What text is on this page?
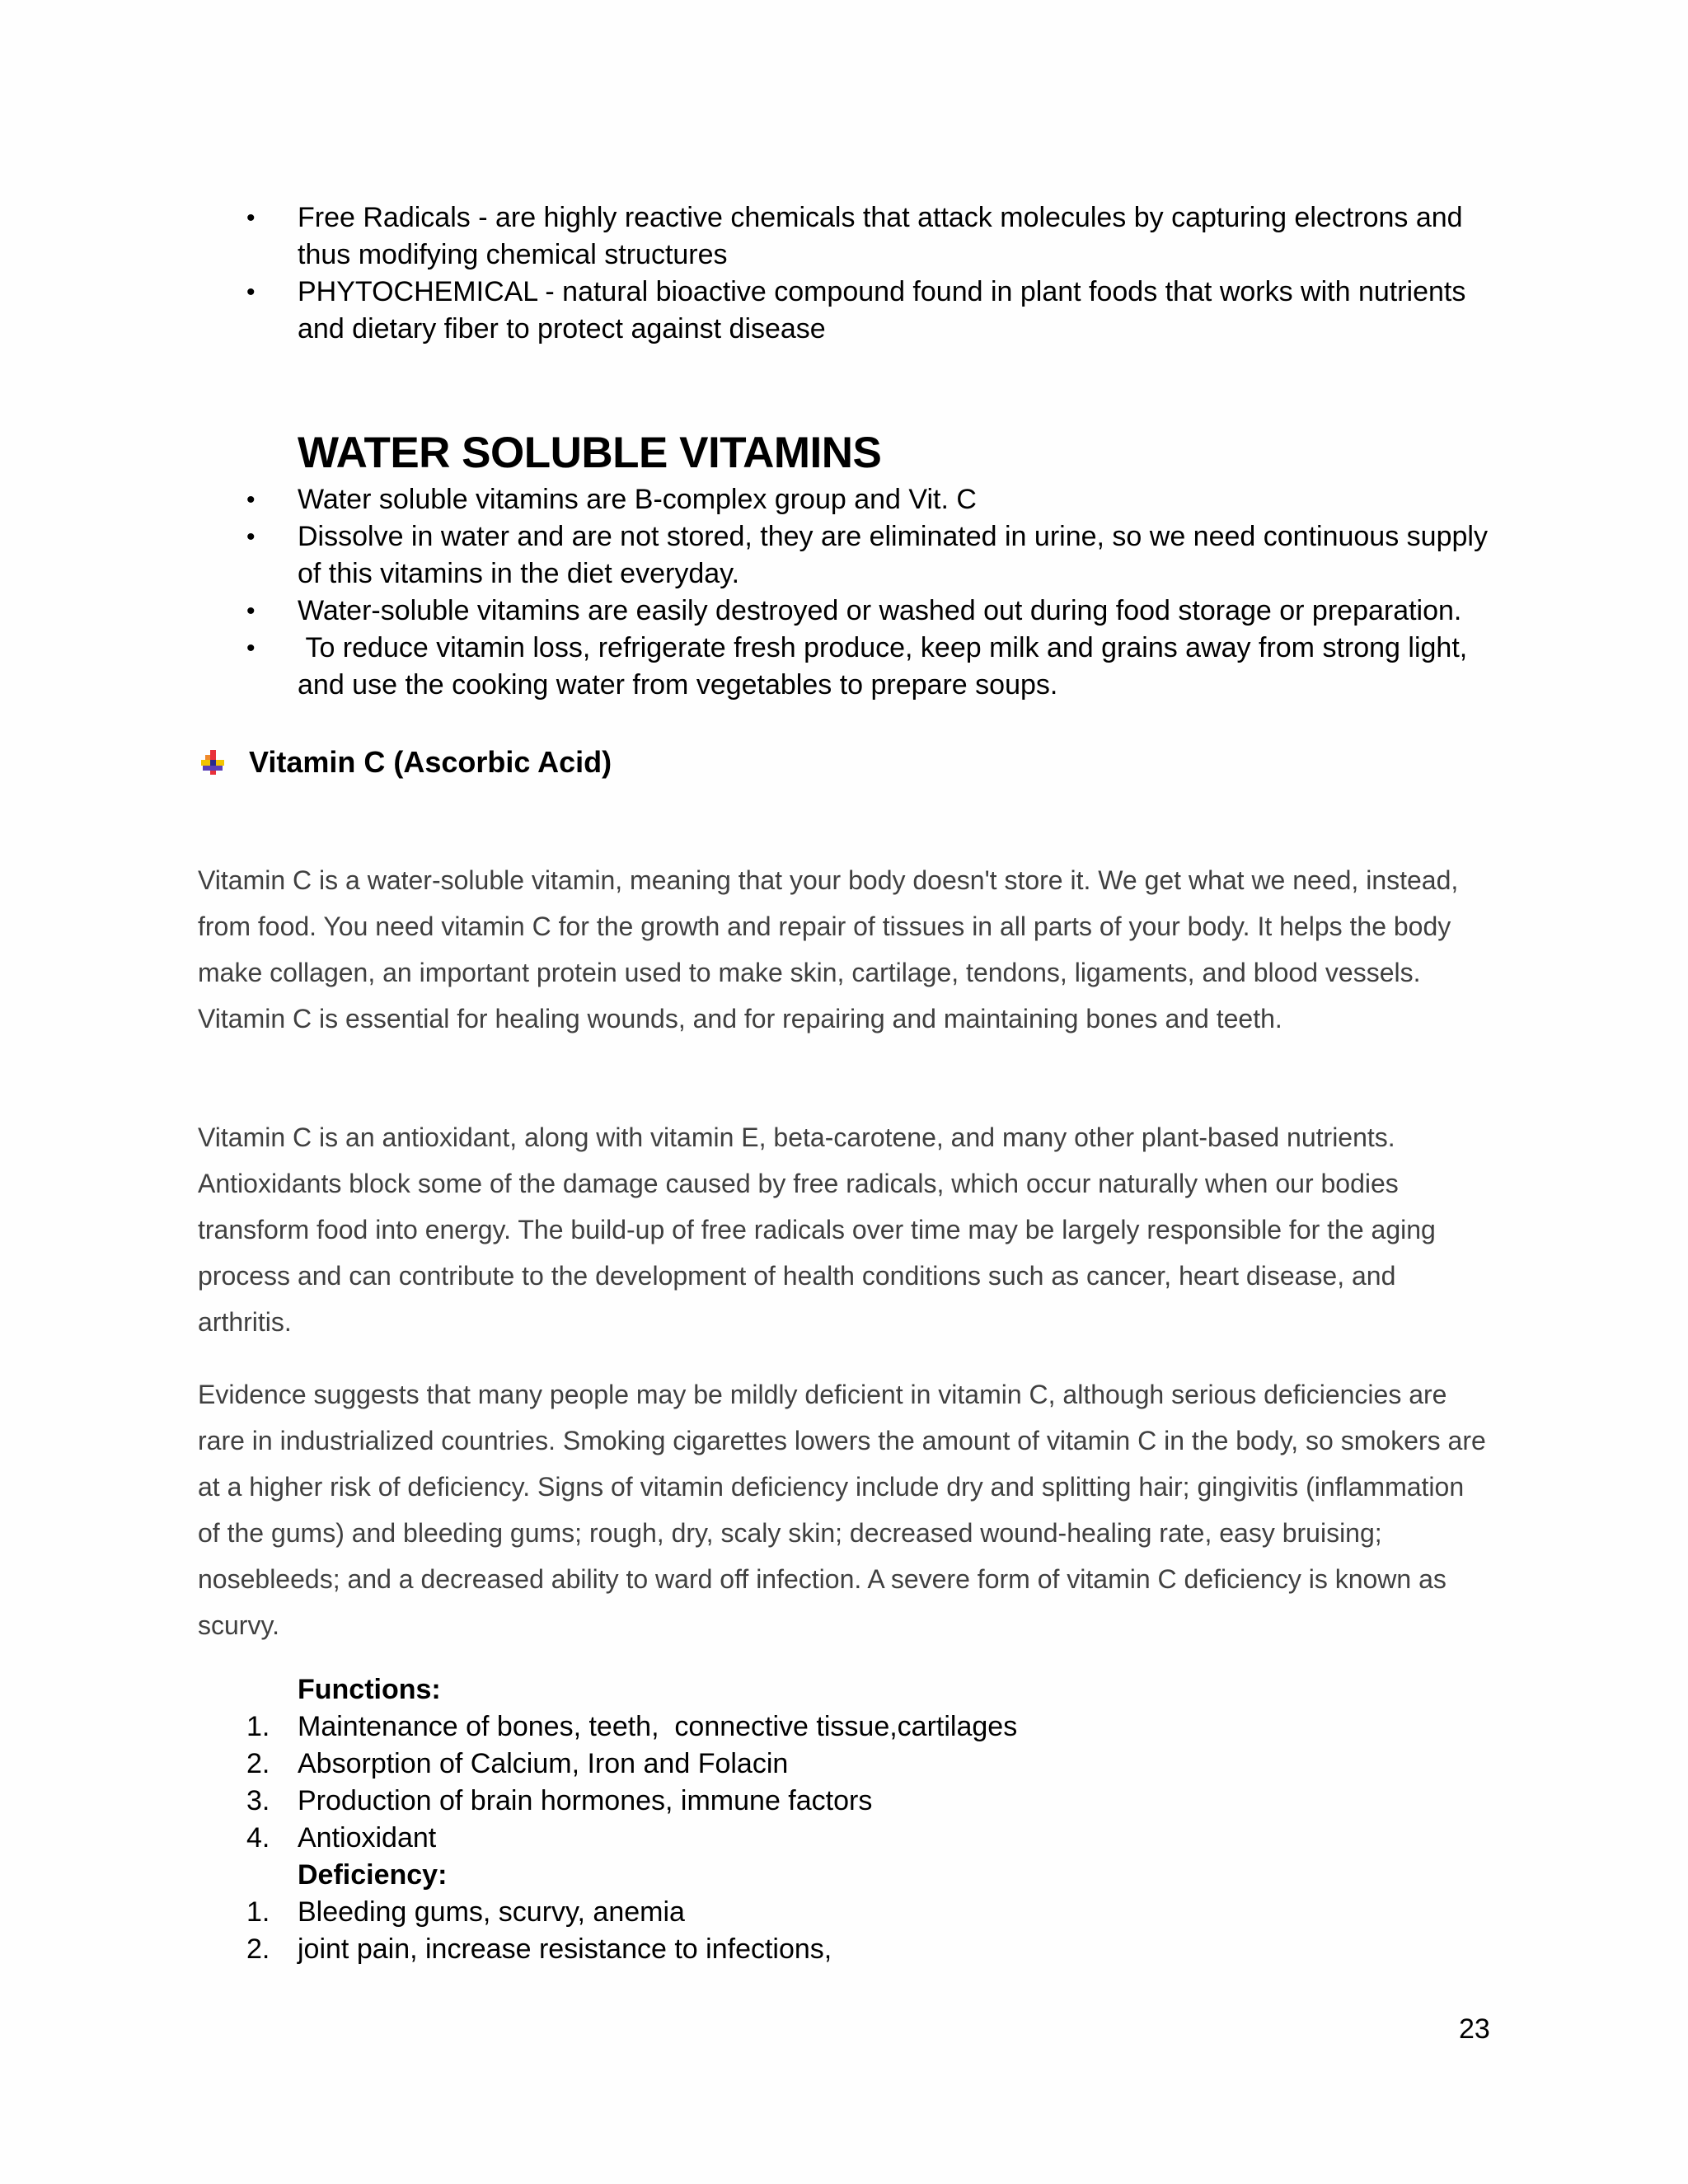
• Free Radicals - are highly reactive chemicals that attack molecules by capturing electrons and thus modifying chemical structures
• PHYTOCHEMICAL - natural bioactive compound found in plant foods that works with nutrients and dietary fiber to protect against disease
WATER SOLUBLE VITAMINS
• Water soluble vitamins are B-complex group and Vit. C
• Dissolve in water and are not stored, they are eliminated in urine, so we need continuous supply of this vitamins in the diet everyday.
• Water-soluble vitamins are easily destroyed or washed out during food storage or preparation.
• To reduce vitamin loss, refrigerate fresh produce, keep milk and grains away from strong light, and use the cooking water from vegetables to prepare soups.
Vitamin C (Ascorbic Acid)

Vitamin C is a water-soluble vitamin, meaning that your body doesn't store it. We get what we need, instead, from food. You need vitamin C for the growth and repair of tissues in all parts of your body. It helps the body make collagen, an important protein used to make skin, cartilage, tendons, ligaments, and blood vessels. Vitamin C is essential for healing wounds, and for repairing and maintaining bones and teeth.

Vitamin C is an antioxidant, along with vitamin E, beta-carotene, and many other plant-based nutrients. Antioxidants block some of the damage caused by free radicals, which occur naturally when our bodies transform food into energy. The build-up of free radicals over time may be largely responsible for the aging process and can contribute to the development of health conditions such as cancer, heart disease, and arthritis.

Evidence suggests that many people may be mildly deficient in vitamin C, although serious deficiencies are rare in industrialized countries. Smoking cigarettes lowers the amount of vitamin C in the body, so smokers are at a higher risk of deficiency. Signs of vitamin deficiency include dry and splitting hair; gingivitis (inflammation of the gums) and bleeding gums; rough, dry, scaly skin; decreased wound-healing rate, easy bruising; nosebleeds; and a decreased ability to ward off infection. A severe form of vitamin C deficiency is known as scurvy.

Functions:
1. Maintenance of bones, teeth,  connective tissue,cartilages
2. Absorption of Calcium, Iron and Folacin
3. Production of brain hormones, immune factors
4. Antioxidant
Deficiency:
1. Bleeding gums, scurvy, anemia
2. joint pain, increase resistance to infections,
23
